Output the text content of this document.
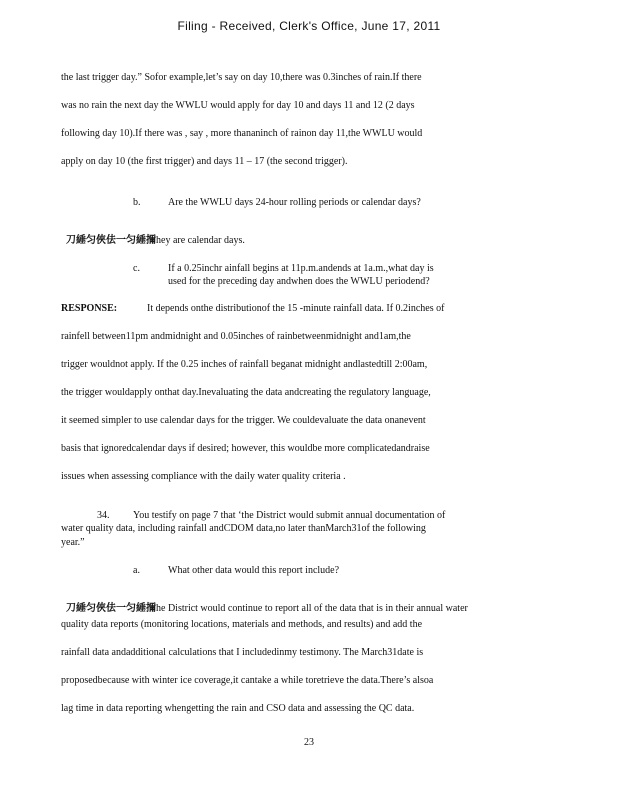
Filing - Received, Clerk's Office, June 17, 2011
the last trigger day.” Sofor example,let’s say on day 10,there was 0.3inches of rain.If there
was no rain the next day the WWLU would apply for day 10 and days 11 and 12 (2 days
following day 10).If there was , say , more thananinch of rainon day 11,the WWLU would
apply on day 10 (the first trigger) and days 11 – 17 (the second trigger).
b.	Are the WWLU days 24-hour rolling periods or calendar days?

刀綞匀俠佉一匀綞擟hey are calendar days.

c.	If a 0.25inchr ainfall begins at 11p.m.andends at 1a.m.,what day is
used for the preceding day andwhen does the WWLU periodend?
RESPONSE:	It depends onthe distributionof the 15 -minute rainfall data. If 0.2inches of
rainfell between11pm andmidnight and 0.05inches of rainbetweenmidnight and1am,the
trigger wouldnot apply. If the 0.25 inches of rainfall beganat midnight andlastedtill 2:00am,
the trigger wouldapply onthat day.Inevaluating the data andcreating the regulatory language,
it seemed simpler to use calendar days for the trigger. We couldevaluate the data onanevent
basis that ignoredcalendar days if desired; however, this wouldbe more complicatedandraise
issues when assessing compliance with the daily water quality criteria .
34. You testify on page 7 that ‘the District would submit annual documentation of
water quality data, including rainfall andCDOM data,no later thanMarch31of the following
year.”
a.	What other data would this report include?

刀綞匀俠佉一匀綞擟he District would continue to report all of the data that is in their annual water

quality data reports (monitoring locations, materials and methods, and results) and add the
rainfall data andadditional calculations that I includedinmy testimony. The March31date is
proposedbecause with winter ice coverage,it cantake a while toretrieve the data.There’s alsoa
lag time in data reporting whengetting the rain and CSO data and assessing the QC data.
23
